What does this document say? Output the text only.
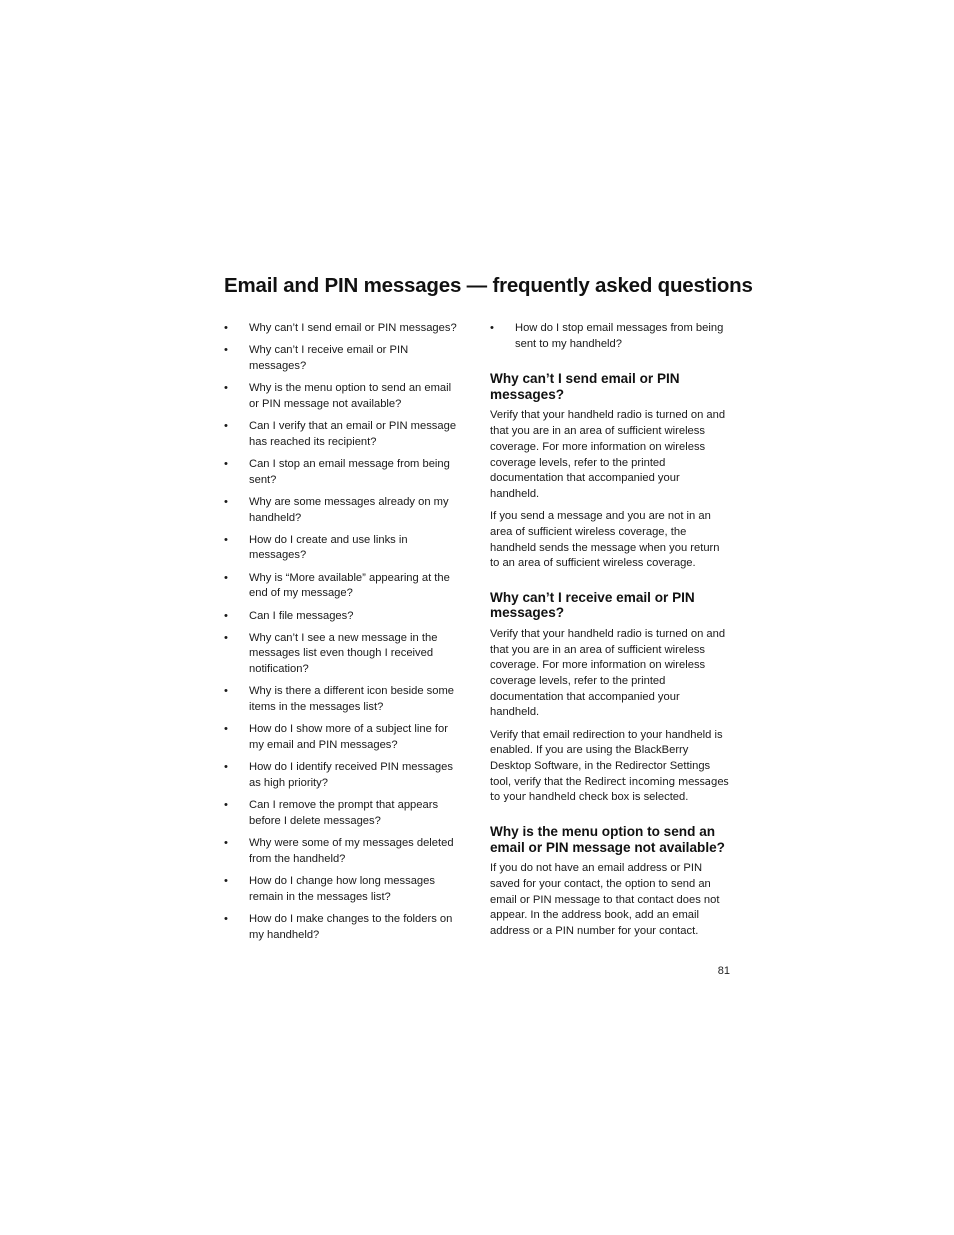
Email and PIN messages — frequently asked questions
• Why can’t I send email or PIN messages?
• Why can’t I receive email or PIN messages?
• Why is the menu option to send an email or PIN message not available?
• Can I verify that an email or PIN message has reached its recipient?
• Can I stop an email message from being sent?
• Why are some messages already on my handheld?
• How do I create and use links in messages?
• Why is “More available” appearing at the end of my message?
• Can I file messages?
• Why can’t I see a new message in the messages list even though I received notification?
• Why is there a different icon beside some items in the messages list?
• How do I show more of a subject line for my email and PIN messages?
• How do I identify received PIN messages as high priority?
• Can I remove the prompt that appears before I delete messages?
• Why were some of my messages deleted from the handheld?
• How do I change how long messages remain in the messages list?
• How do I make changes to the folders on my handheld?
• How do I stop email messages from being sent to my handheld?
Why can’t I send email or PIN messages?

Verify that your handheld radio is turned on and that you are in an area of sufficient wireless coverage. For more information on wireless coverage levels, refer to the printed documentation that accompanied your handheld.

If you send a message and you are not in an area of sufficient wireless coverage, the handheld sends the message when you return to an area of sufficient wireless coverage.

Why can’t I receive email or PIN messages?

Verify that your handheld radio is turned on and that you are in an area of sufficient wireless coverage. For more information on wireless coverage levels, refer to the printed documentation that accompanied your handheld.

Verify that email redirection to your handheld is enabled. If you are using the BlackBerry Desktop Software, in the Redirector Settings tool, verify that the Redirect incoming messages to your handheld check box is selected.

Why is the menu option to send an email or PIN message not available?

If you do not have an email address or PIN saved for your contact, the option to send an email or PIN message to that contact does not appear. In the address book, add an email address or a PIN number for your contact.

81
